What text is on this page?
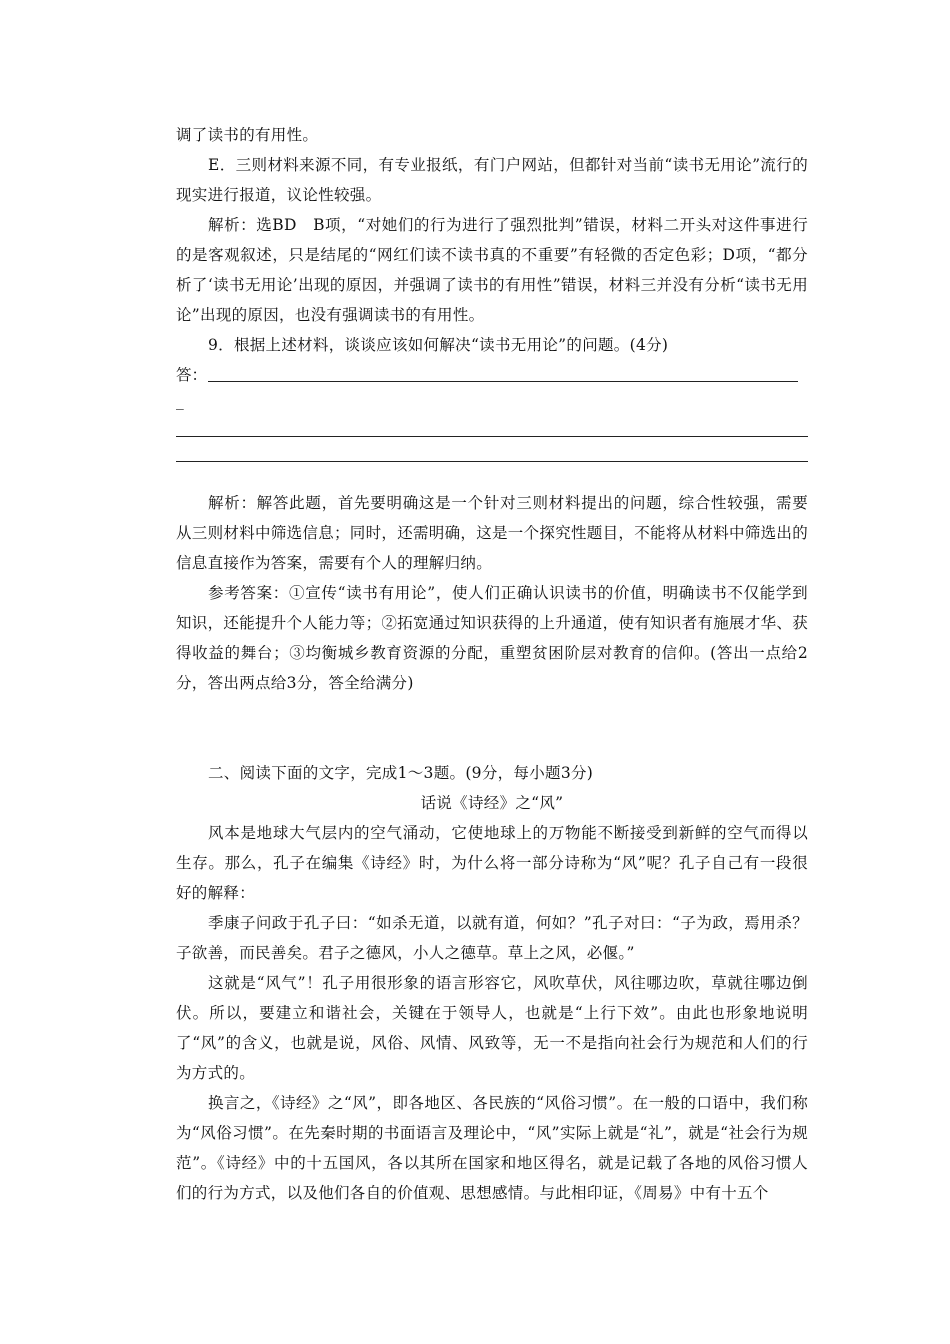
调了读书的有用性。

E．三则材料来源不同，有专业报纸，有门户网站，但都针对当前“读书无用论”流行的现实进行报道，议论性较强。

解析：选BD　B项，“对她们的行为进行了强烈批判”错误，材料二开头对这件事进行的是客观叙述，只是结尾的“网红们读不读书真的不重要”有轻微的否定色彩；D项，“都分析了‘读书无用论’出现的原因，并强调了读书的有用性”错误，材料三并没有分析“读书无用论”出现的原因，也没有强调读书的有用性。

9．根据上述材料，谈谈应该如何解决“读书无用论”的问题。(4分)

答：
_

解析：解答此题，首先要明确这是一个针对三则材料提出的问题，综合性较强，需要从三则材料中筛选信息；同时，还需明确，这是一个探究性题目，不能将从材料中筛选出的信息直接作为答案，需要有个人的理解归纳。

参考答案：①宣传“读书有用论”，使人们正确认识读书的价值，明确读书不仅能学到知识，还能提升个人能力等；②拓宽通过知识获得的上升通道，使有知识者有施展才华、获得收益的舞台；③均衡城乡教育资源的分配，重塑贫困阶层对教育的信仰。(答出一点给2分，答出两点给3分，答全给满分)

二、阅读下面的文字，完成1～3题。(9分，每小题3分)

话说《诗经》之“风”

风本是地球大气层内的空气涌动，它使地球上的万物能不断接受到新鲜的空气而得以生存。那么，孔子在编集《诗经》时，为什么将一部分诗称为“风”呢？孔子自己有一段很好的解释：

季康子问政于孔子曰：“如杀无道，以就有道，何如？”孔子对曰：“子为政，焉用杀？子欲善，而民善矣。君子之德风，小人之德草。草上之风，必偃。”

这就是“风气”！孔子用很形象的语言形容它，风吹草伏，风往哪边吹，草就往哪边倒伏。所以，要建立和谐社会，关键在于领导人，也就是“上行下效”。由此也形象地说明了“风”的含义，也就是说，风俗、风情、风致等，无一不是指向社会行为规范和人们的行为方式的。

换言之，《诗经》之“风”，即各地区、各民族的“风俗习惯”。在一般的口语中，我们称为“风俗习惯”。在先秦时期的书面语言及理论中，“风”实际上就是“礼”，就是“社会行为规范”。《诗经》中的十五国风，各以其所在国家和地区得名，就是记载了各地的风俗习惯人们的行为方式，以及他们各自的价值观、思想感情。与此相印证，《周易》中有十五个
